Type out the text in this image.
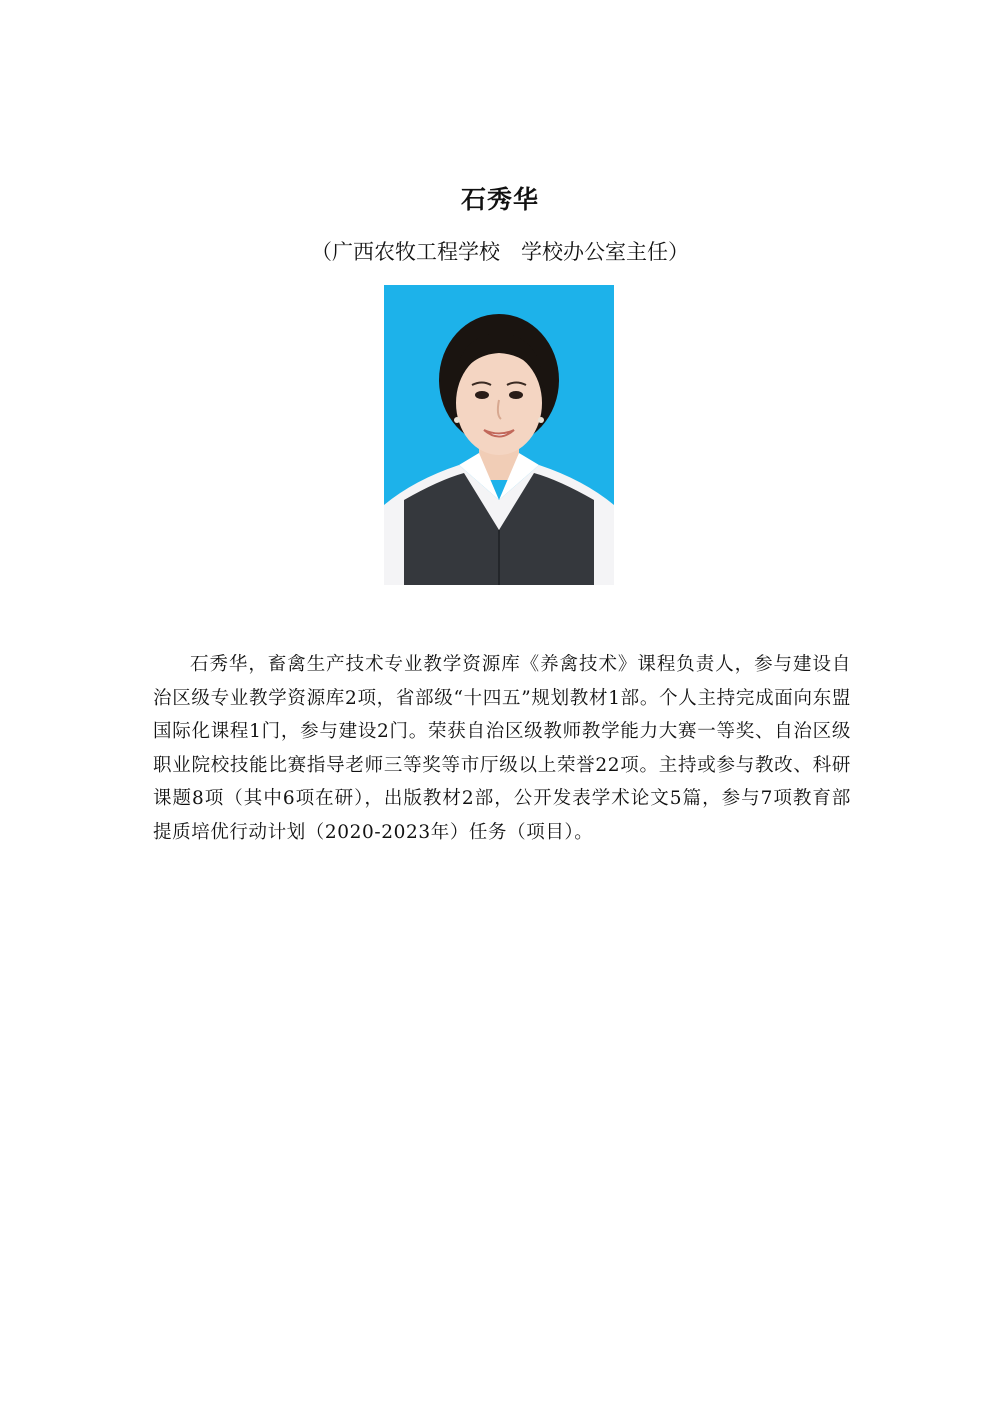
石秀华
（广西农牧工程学校　学校办公室主任）
石秀华，畜禽生产技术专业教学资源库《养禽技术》课程负责人，参与建设自治区级专业教学资源库2项，省部级“十四五”规划教材1部。个人主持完成面向东盟国际化课程1门，参与建设2门。荣获自治区级教师教学能力大赛一等奖、自治区级职业院校技能比赛指导老师三等奖等市厅级以上荣誉22项。主持或参与教改、科研课题8项（其中6项在研），出版教材2部，公开发表学术论文5篇，参与7项教育部提质培优行动计划（2020-2023年）任务（项目）。
